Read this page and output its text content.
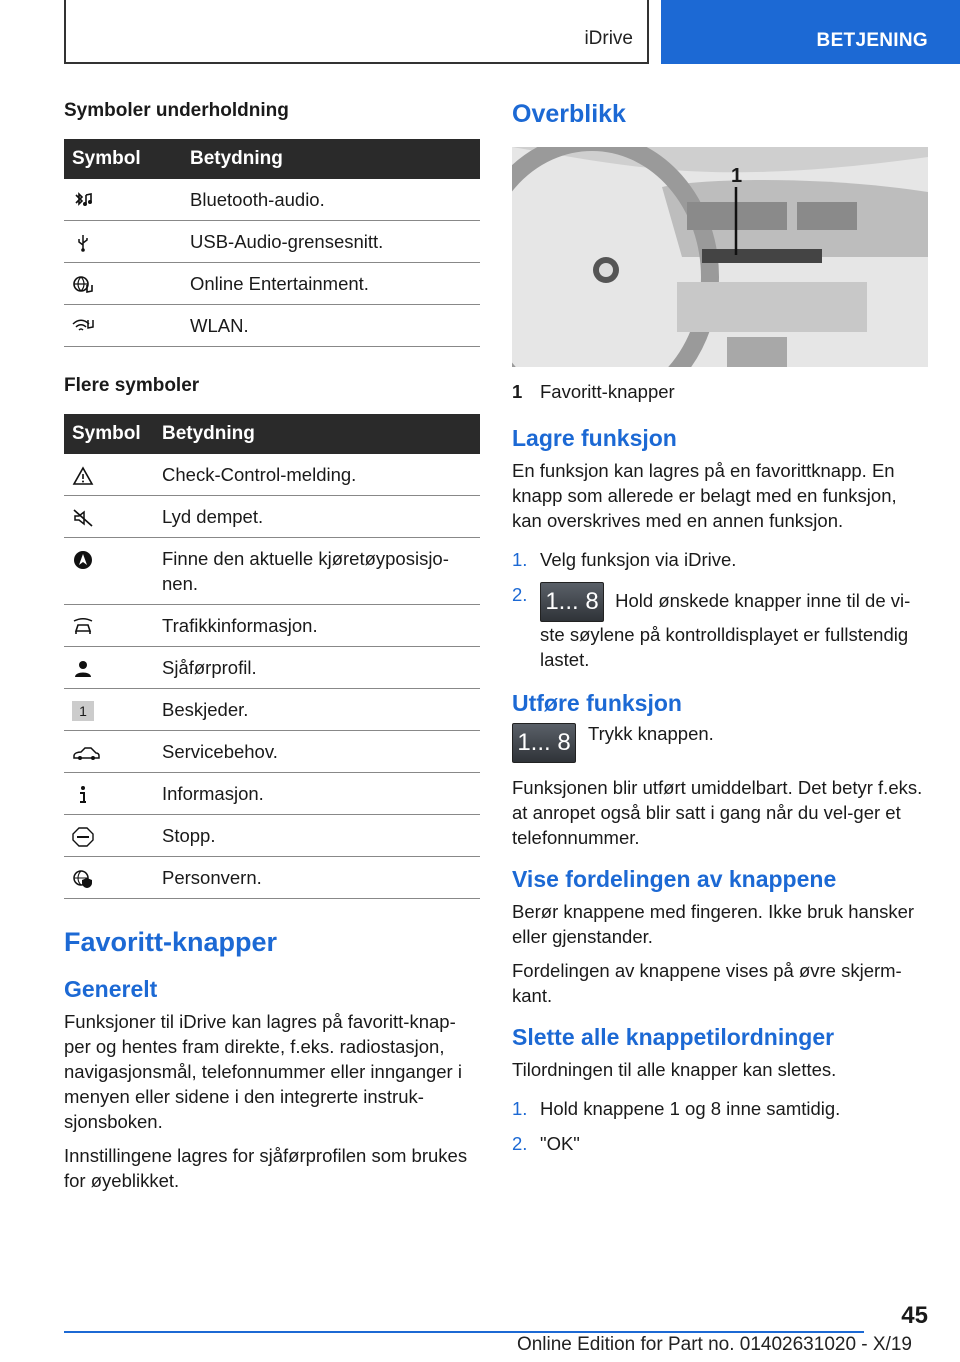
iDrive	BETJENING
Symboler underholdning
Symbol	Betydning
	Bluetooth-audio.
	USB-Audio-grensesnitt.
	Online Entertainment.
	WLAN.
Flere symboler
Symbol	Betydning
	Check-Control-melding.
	Lyd dempet.
	Finne den aktuelle kjøretøyposisjo-nen.
	Trafikkinformasjon.
	Sjåførprofil.
1	Beskjeder.
	Servicebehov.
	Informasjon.
	Stopp.
	Personvern.
Favoritt-knapper
Generelt

Funksjoner til iDrive kan lagres på favoritt-knap-per og hentes fram direkte, f.eks. radiostasjon, navigasjonsmål, telefonnummer eller innganger i menyen eller sidene i den integrerte instruk-sjonsboken.

Innstillingene lagres for sjåførprofilen som brukes for øyeblikket.

Overblikk
1
1 Favoritt-knapper
Lagre funksjon

En funksjon kan lagres på en favorittknapp. En knapp som allerede er belagt med en funksjon, kan overskrives med en annen funksjon.

1. Velg funksjon via iDrive.
2. 1... 8 Hold ønskede knapper inne til de vi-ste søylene på kontrolldisplayet er fullstendig lastet.
Utføre funksjon
1... 8 Trykk knappen.

Funksjonen blir utført umiddelbart. Det betyr f.eks. at anropet også blir satt i gang når du vel-ger et telefonnummer.

Vise fordelingen av knappene

Berør knappene med fingeren. Ikke bruk hansker eller gjenstander.

Fordelingen av knappene vises på øvre skjerm-kant.

Slette alle knappetilordninger

Tilordningen til alle knapper kan slettes.

1. Hold knappene 1 og 8 inne samtidig.
2. "OK"
45
Online Edition for Part no. 01402631020 - X/19
